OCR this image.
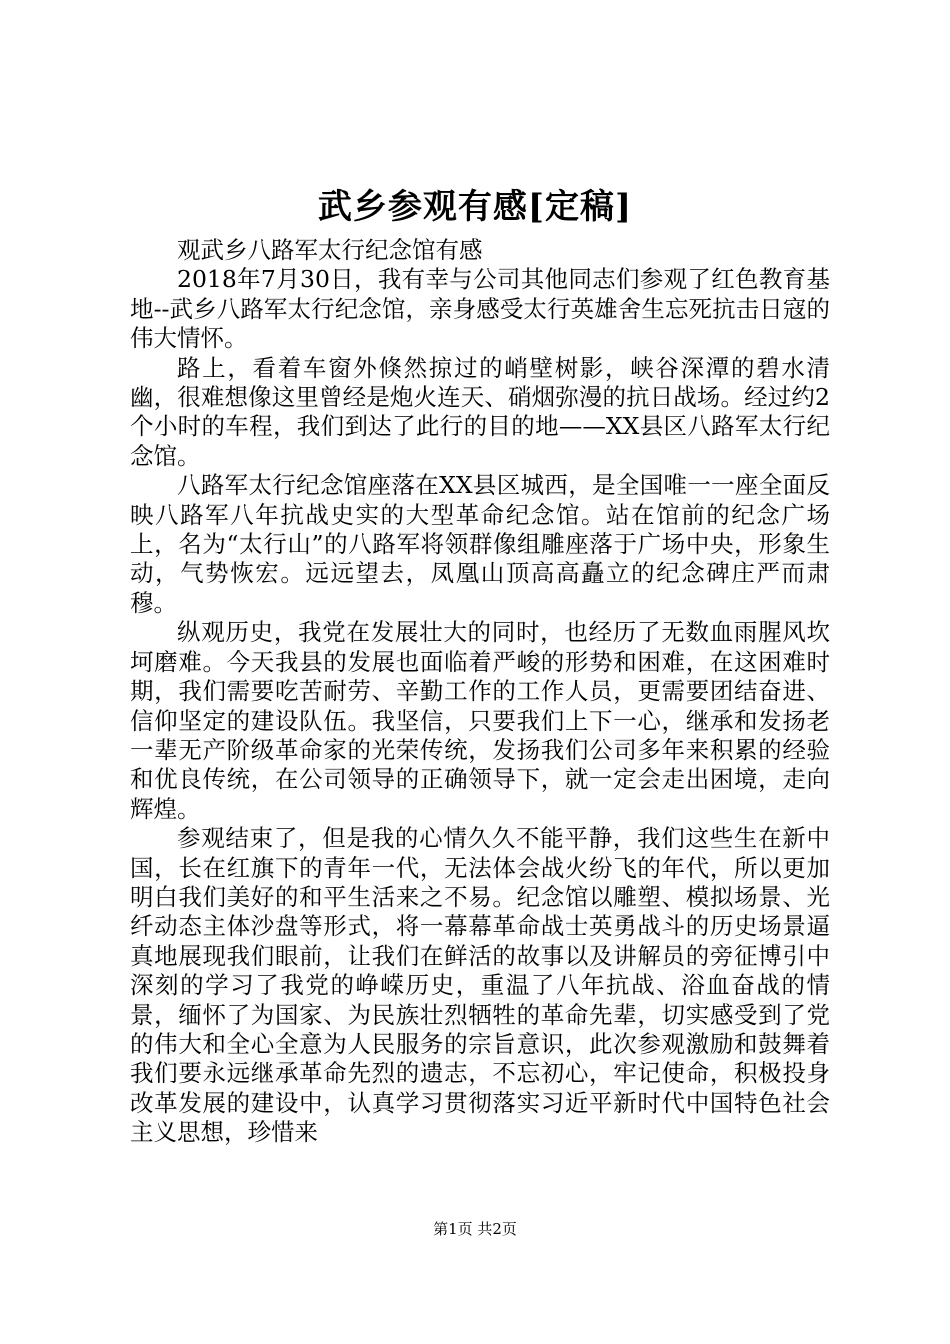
武乡参观有感[定稿]

观武乡八路军太行纪念馆有感

2018年7月30日，我有幸与公司其他同志们参观了红色教育基地--武乡八路军太行纪念馆，亲身感受太行英雄舍生忘死抗击日寇的伟大情怀。

路上，看着车窗外倏然掠过的峭壁树影，峡谷深潭的碧水清幽，很难想像这里曾经是炮火连天、硝烟弥漫的抗日战场。经过约2个小时的车程，我们到达了此行的目的地——XX县区八路军太行纪念馆。

八路军太行纪念馆座落在XX县区城西，是全国唯一一座全面反映八路军八年抗战史实的大型革命纪念馆。站在馆前的纪念广场上，名为“太行山”的八路军将领群像组雕座落于广场中央，形象生动，气势恢宏。远远望去，凤凰山顶高高矗立的纪念碑庄严而肃穆。

纵观历史，我党在发展壮大的同时，也经历了无数血雨腥风坎坷磨难。今天我县的发展也面临着严峻的形势和困难，在这困难时期，我们需要吃苦耐劳、辛勤工作的工作人员，更需要团结奋进、信仰坚定的建设队伍。我坚信，只要我们上下一心，继承和发扬老一辈无产阶级革命家的光荣传统，发扬我们公司多年来积累的经验和优良传统，在公司领导的正确领导下，就一定会走出困境，走向辉煌。

参观结束了，但是我的心情久久不能平静，我们这些生在新中国，长在红旗下的青年一代，无法体会战火纷飞的年代，所以更加明白我们美好的和平生活来之不易。纪念馆以雕塑、模拟场景、光纤动态主体沙盘等形式，将一幕幕革命战士英勇战斗的历史场景逼真地展现我们眼前，让我们在鲜活的故事以及讲解员的旁征博引中深刻的学习了我党的峥嵘历史，重温了八年抗战、浴血奋战的情景，缅怀了为国家、为民族壮烈牺牲的革命先辈，切实感受到了党的伟大和全心全意为人民服务的宗旨意识，此次参观激励和鼓舞着我们要永远继承革命先烈的遗志，不忘初心，牢记使命，积极投身改革发展的建设中，认真学习贯彻落实习近平新时代中国特色社会主义思想，珍惜来

第1页 共2页
